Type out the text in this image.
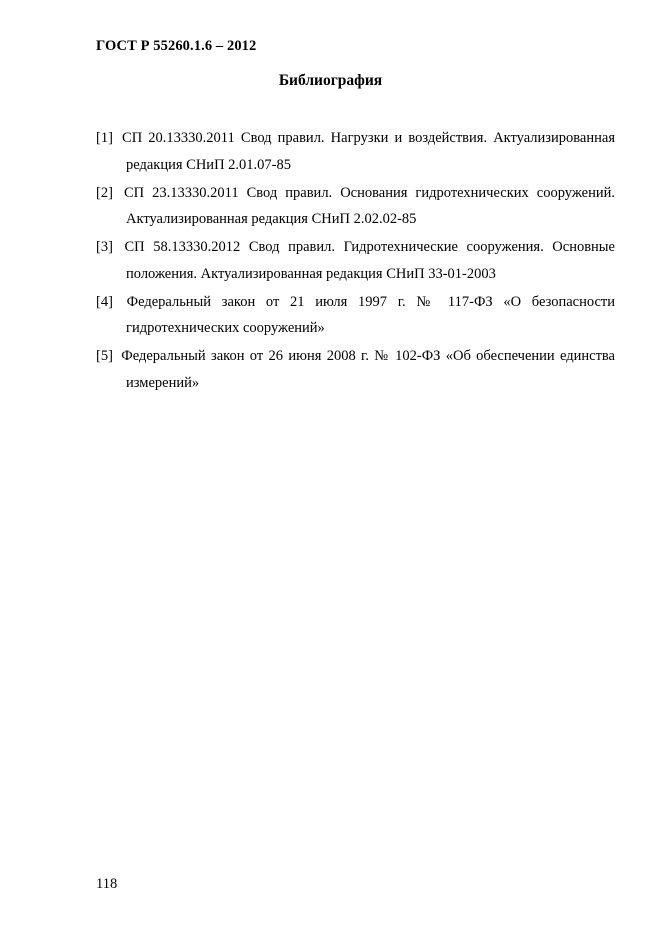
ГОСТ Р 55260.1.6 – 2012
Библиография
[1] СП 20.13330.2011 Свод правил. Нагрузки и воздействия. Актуализированная редакция СНиП 2.01.07-85
[2] СП 23.13330.2011 Свод правил. Основания гидротехнических сооружений. Актуализированная редакция СНиП 2.02.02-85
[3] СП 58.13330.2012 Свод правил. Гидротехнические сооружения. Основные положения. Актуализированная редакция СНиП 33-01-2003
[4] Федеральный закон от 21 июля 1997 г. № 117-ФЗ «О безопасности гидротехнических сооружений»
[5] Федеральный закон от 26 июня 2008 г. № 102-ФЗ «Об обеспечении единства измерений»
118
